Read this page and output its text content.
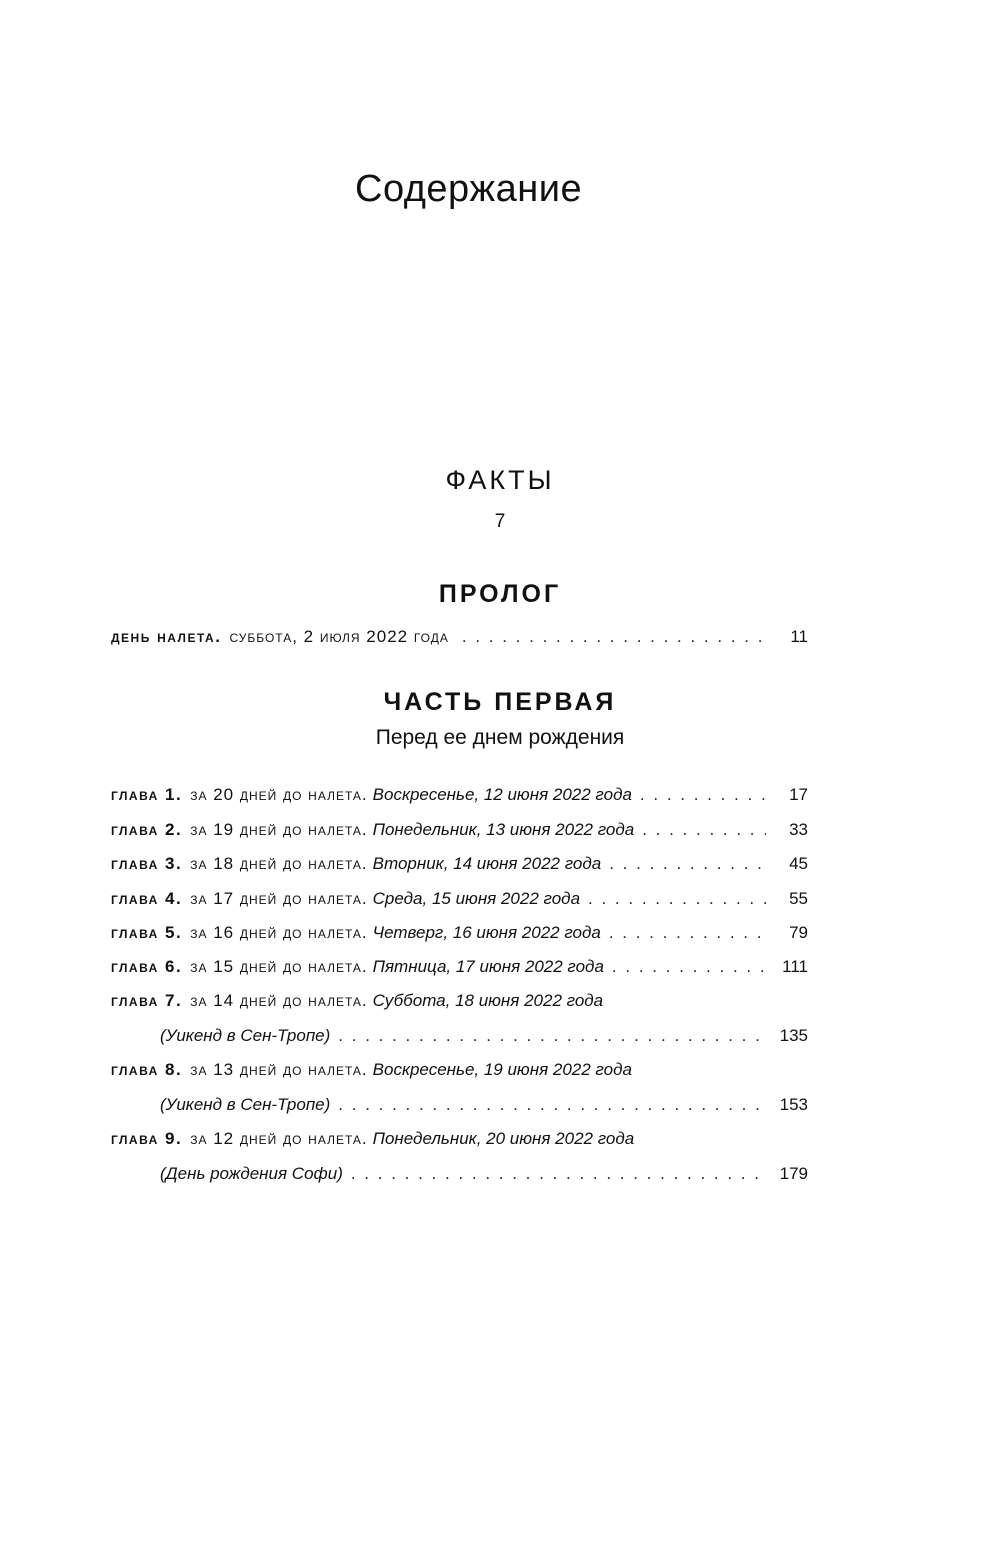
Содержание
ФАКТЫ
7
ПРОЛОГ
день налета. суббота, 2 июля 2022 года . . .	11
ЧАСТЬ ПЕРВАЯ
Перед ее днем рождения
глава 1. за 20 дней до налета. Воскресенье, 12 июня 2022 года . . .	17
глава 2. за 19 дней до налета. Понедельник, 13 июня 2022 года . . .	33
глава 3. за 18 дней до налета. Вторник, 14 июня 2022 года . . .	45
глава 4. за 17 дней до налета. Среда, 15 июня 2022 года . . .	55
глава 5. за 16 дней до налета. Четверг, 16 июня 2022 года . . .	79
глава 6. за 15 дней до налета. Пятница, 17 июня 2022 года . . .	111
глава 7. за 14 дней до налета. Суббота, 18 июня 2022 года
(Уикенд в Сен-Тропе) . . .	135
глава 8. за 13 дней до налета. Воскресенье, 19 июня 2022 года
(Уикенд в Сен-Тропе) . . .	153
глава 9. за 12 дней до налета. Понедельник, 20 июня 2022 года
(День рождения Софи) . . .	179
